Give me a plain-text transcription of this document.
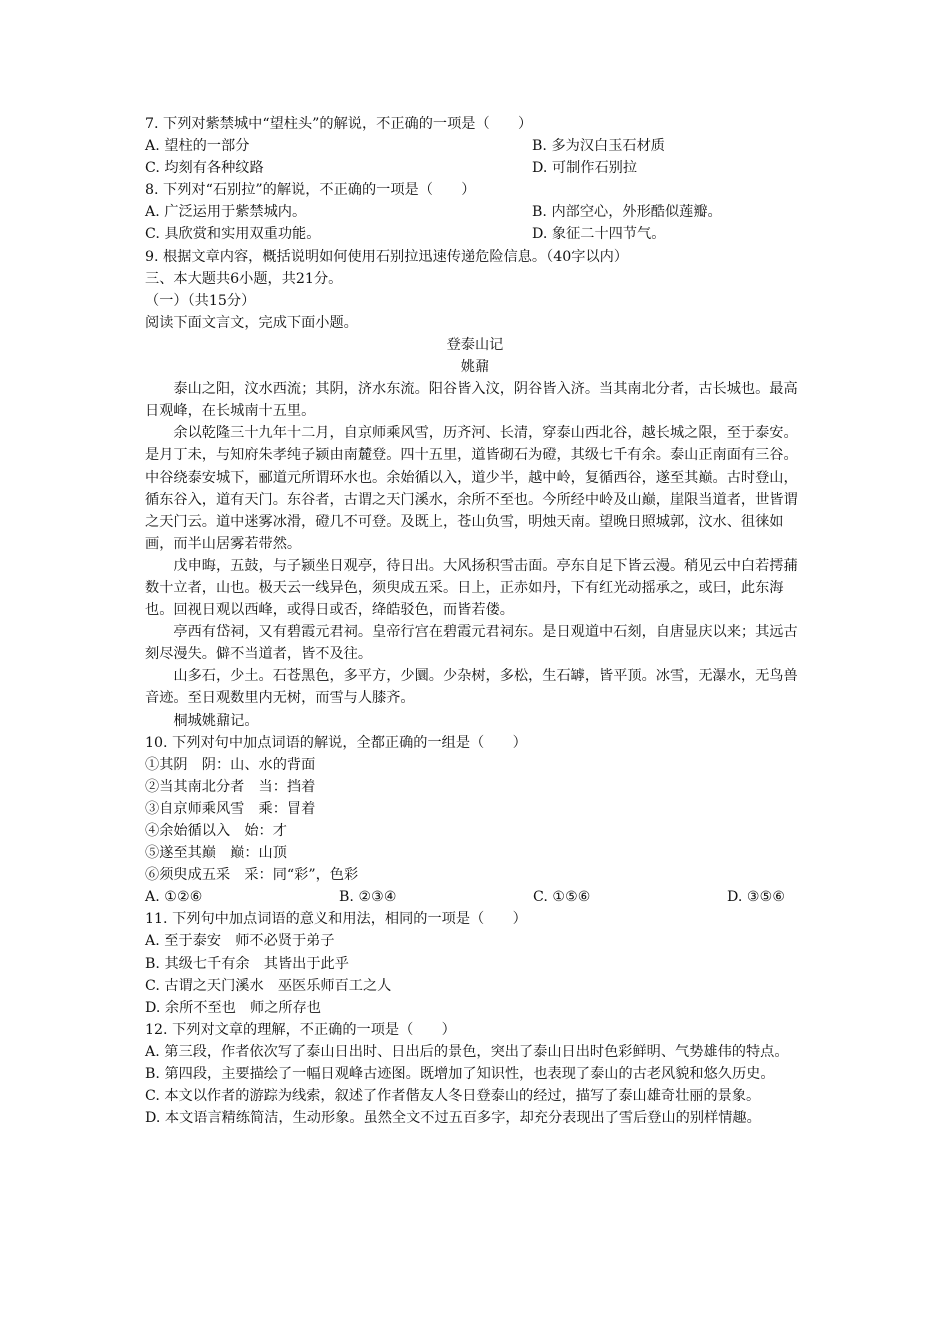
7. 下列对紫禁城中“望柱头”的解说，不正确的一项是（　　）
A. 望柱的一部分	B. 多为汉白玉石材质
C. 均刻有各种纹路	D. 可制作石别拉
8. 下列对“石别拉”的解说，不正确的一项是（　　）
A. 广泛运用于紫禁城内。	B. 内部空心，外形酷似莲瓣。
C. 具欣赏和实用双重功能。	D. 象征二十四节气。
9. 根据文章内容，概括说明如何使用石别拉迅速传递危险信息。（40字以内）
三、本大题共6小题，共21分。
（一）（共15分）
阅读下面文言文，完成下面小题。
登泰山记
姚鼐
泰山之阳，汶水西流；其阴，济水东流。阳谷皆入汶，阴谷皆入济。当其南北分者，古长城也。最高日观峰，在长城南十五里。
余以乾隆三十九年十二月，自京师乘风雪，历齐河、长清，穿泰山西北谷，越长城之限，至于泰安。是月丁未，与知府朱孝纯子颍由南麓登。四十五里，道皆砌石为磴，其级七千有余。泰山正南面有三谷。中谷绕泰安城下，郦道元所谓环水也。余始循以入，道少半，越中岭，复循西谷，遂至其巅。古时登山，循东谷入，道有天门。东谷者，古谓之天门溪水，余所不至也。今所经中岭及山巅，崖限当道者，世皆谓之天门云。道中迷雾冰滑，磴几不可登。及既上，苍山负雪，明烛天南。望晚日照城郭，汶水、徂徕如画，而半山居雾若带然。
戊申晦，五鼓，与子颍坐日观亭，待日出。大风扬积雪击面。亭东自足下皆云漫。稍见云中白若摴蒱数十立者，山也。极天云一线异色，须臾成五采。日上，正赤如丹，下有红光动摇承之，或曰，此东海也。回视日观以西峰，或得日或否，绛皓驳色，而皆若偻。
亭西有岱祠，又有碧霞元君祠。皇帝行宫在碧霞元君祠东。是日观道中石刻，自唐显庆以来；其远古刻尽漫失。僻不当道者，皆不及往。
山多石，少土。石苍黑色，多平方，少圜。少杂树，多松，生石罅，皆平顶。冰雪，无瀑水，无鸟兽音迹。至日观数里内无树，而雪与人膝齐。
桐城姚鼐记。
10. 下列对句中加点词语的解说，全都正确的一组是（　　）
①其阴　阴：山、水的背面
②当其南北分者　当：挡着
③自京师乘风雪　乘：冒着
④余始循以入　始：才
⑤遂至其巅　巅：山顶
⑥须臾成五采　采：同“彩”，色彩
A. ①②⑥	B. ②③④	C. ①⑤⑥	D. ③⑤⑥
11. 下列句中加点词语的意义和用法，相同的一项是（　　）
A. 至于泰安　师不必贤于弟子
B. 其级七千有余　其皆出于此乎
C. 古谓之天门溪水　巫医乐师百工之人
D. 余所不至也　师之所存也
12. 下列对文章的理解，不正确的一项是（　　）
A. 第三段，作者依次写了泰山日出时、日出后的景色，突出了泰山日出时色彩鲜明、气势雄伟的特点。
B. 第四段，主要描绘了一幅日观峰古迹图。既增加了知识性，也表现了泰山的古老风貌和悠久历史。
C. 本文以作者的游踪为线索，叙述了作者偕友人冬日登泰山的经过，描写了泰山雄奇壮丽的景象。
D. 本文语言精练简洁，生动形象。虽然全文不过五百多字，却充分表现出了雪后登山的别样情趣。
